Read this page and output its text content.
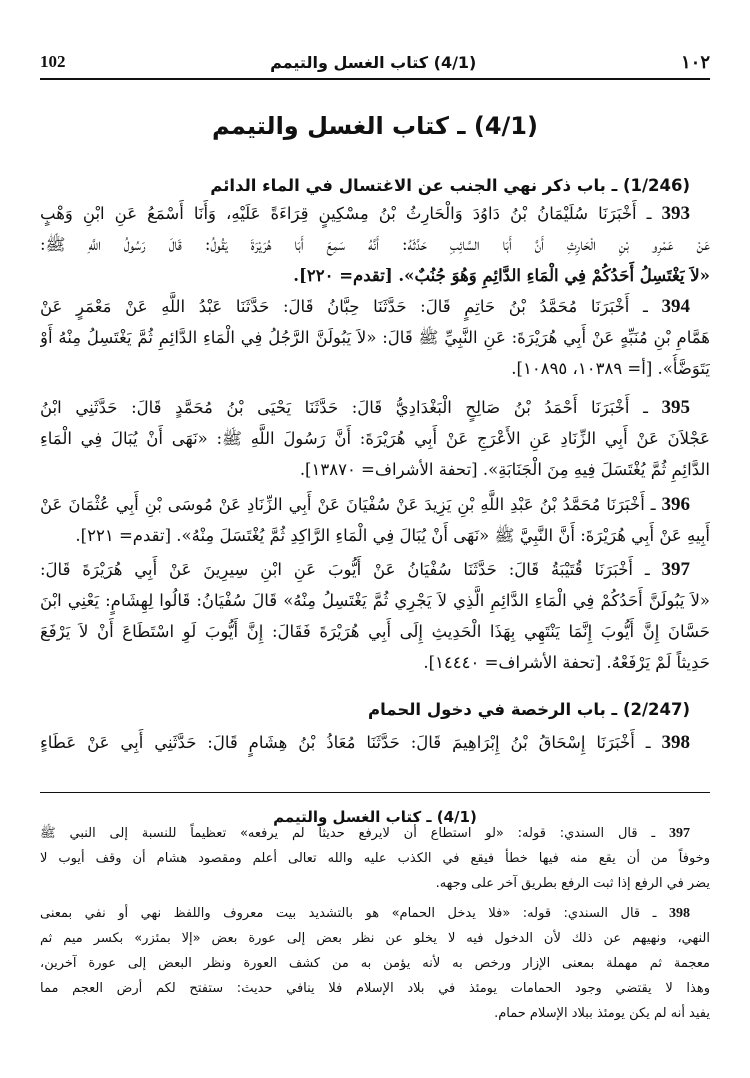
102	(4/1) كتاب الغسل والتيمم	١٠٢
(4/1) ـ كتاب الغسل والتيمم
(1/246) ـ باب ذكر نهي الجنب عن الاغتسال في الماء الدائم
393 ـ أَخْبَرَنَا سُلَيْمَانُ بْنُ دَاوُدَ وَالْحَارِثُ بْنُ مِسْكِينٍ قِرَاءَةً عَلَيْهِ، وَأَنَا أَسْمَعُ عَنِ ابْنِ وَهْبٍ
عَنْ عَمْرِو بْنِ الْحَارِثِ أَنَّ أَبَا السَّائِبِ حَدَّثَهُ: أَنَّهُ سَمِعَ أَبَا هُرَيْرَةَ يَقُولُ: قَالَ رَسُولُ اللَّهِ ﷺ:
«لاَ يَغْتَسِلُ أَحَدُكُمْ فِي الْمَاءِ الدَّائِمِ وَهُوَ جُنُبٌ». [تقدم= ٢٢٠].
394 ـ أَخْبَرَنَا مُحَمَّدُ بْنُ حَاتِمٍ قَالَ: حَدَّثَنَا حِبَّانُ قَالَ: حَدَّثَنَا عَبْدُ اللَّهِ عَنْ مَعْمَرٍ عَنْ
هَمَّامِ بْنِ مُنَبِّهٍ عَنْ أَبِي هُرَيْرَةَ: عَنِ النَّبِيِّ ﷺ قَالَ: «لاَ يَبُولَنَّ الرَّجُلُ فِي الْمَاءِ الدَّائِمِ ثُمَّ يَغْتَسِلُ مِنْهُ أَوْ
يَتَوَضَّأُ». [أ= ١٠٣٨٩، ١٠٨٩٥].
395 ـ أَخْبَرَنَا أَحْمَدُ بْنُ صَالِحٍ الْبَغْدَادِيُّ قَالَ: حَدَّثَنَا يَحْيَى بْنُ مُحَمَّدٍ قَالَ: حَدَّثَنِي ابْنُ
عَجْلاَنَ عَنْ أَبِي الزِّنَادِ عَنِ الأَعْرَجِ عَنْ أَبِي هُرَيْرَةَ: أَنَّ رَسُولَ اللَّهِ ﷺ: «نَهَى أَنْ يُبَالَ فِي الْمَاءِ
الدَّائِمِ ثُمَّ يُغْتَسَلَ فِيهِ مِنَ الْجَنَابَةِ». [تحفة الأشراف= ١٣٨٧٠].
396 ـ أَخْبَرَنَا مُحَمَّدُ بْنُ عَبْدِ اللَّهِ بْنِ يَزِيدَ عَنْ سُفْيَانَ عَنْ أَبِي الزِّنَادِ عَنْ مُوسَى بْنِ أَبِي عُثْمَانَ عَنْ
أَبِيهِ عَنْ أَبِي هُرَيْرَةَ: أَنَّ النَّبِيَّ ﷺ «نَهَى أَنْ يُبَالَ فِي الْمَاءِ الرَّاكِدِ ثُمَّ يُغْتَسَلَ مِنْهُ». [تقدم= ٢٢١].
397 ـ أَخْبَرَنَا قُتَيْبَةُ قَالَ: حَدَّثَنَا سُفْيَانُ عَنْ أَيُّوبَ عَنِ ابْنِ سِيرِينَ عَنْ أَبِي هُرَيْرَةَ قَالَ:
«لاَ يَبُولَنَّ أَحَدُكُمْ فِي الْمَاءِ الدَّائِمِ الَّذِي لاَ يَجْرِي ثُمَّ يَغْتَسِلُ مِنْهُ» قَالَ سُفْيَانُ: قَالُوا لِهِشَامٍ: يَعْنِي ابْنَ
حَسَّانَ إِنَّ أَيُّوبَ إِنَّمَا يَنْتَهِي بِهَذَا الْحَدِيثِ إِلَى أَبِي هُرَيْرَةَ فَقَالَ: إِنَّ أَيُّوبَ لَوِ اسْتَطَاعَ أَنْ لاَ يَرْفَعَ
حَدِيثاً لَمْ يَرْفَعْهُ. [تحفة الأشراف= ١٤٤٤٠].
(2/247) ـ باب الرخصة في دخول الحمام
398 ـ أَخْبَرَنَا إِسْحَاقُ بْنُ إِبْرَاهِيمَ قَالَ: حَدَّثَنَا مُعَاذُ بْنُ هِشَامٍ قَالَ: حَدَّثَنِي أَبِي عَنْ عَطَاءٍ
(4/1) ـ كتاب الغسل والتيمم
397 ـ قال السندي: قوله: «لو استطاع أن لايرفع حديثاً لم يرفعه» تعظيماً للنسبة إلى النبي ﷺ
وخوفاً من أن يقع منه فيها خطأ فيقع في الكذب عليه والله تعالى أعلم ومقصود هشام أن وقف أيوب لا
يضر في الرفع إذا ثبت الرفع بطريق آخر على وجهه.
398 ـ قال السندي: قوله: «فلا يدخل الحمام» هو بالتشديد بيت معروف واللفظ نهي أو نفي بمعنى
النهي، ونهيهم عن ذلك لأن الدخول فيه لا يخلو عن نظر بعض إلى عورة بعض «إلا بمئزر» بكسر ميم ثم
معجمة ثم مهملة بمعنى الإزار ورخص به لأنه يؤمن به من كشف العورة ونظر البعض إلى عورة آخرين،
وهذا لا يقتضي وجود الحمامات يومئذ في بلاد الإسلام فلا ينافي حديث: ستفتح لكم أرض العجم مما
يفيد أنه لم يكن يومئذ ببلاد الإسلام حمام.
